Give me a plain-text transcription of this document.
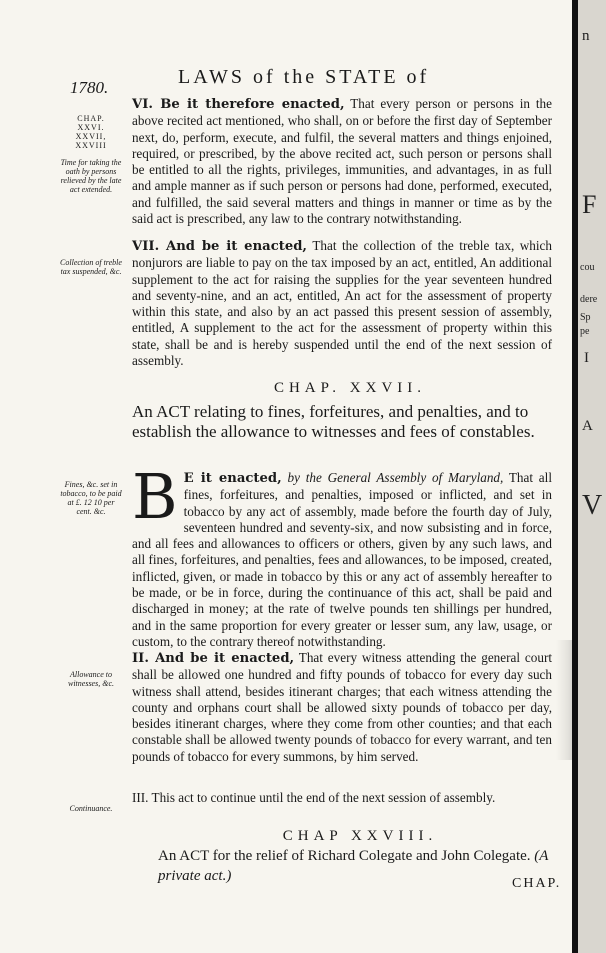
1780.	LAWS of the STATE of
CHAP.
XXVI.
XXVII,
XXVIII
Time for taking the oath by persons relieved by the late act extended.
Collection of treble tax suspended, &c.
Fines, &c. set in tobacco, to be paid at £. 12 10 per cent. &c.
Allowance to witnesses, &c.
Continuance.
VI. Be it therefore enacted, That every person or persons in the above recited act mentioned, who shall, on or before the first day of September next, do, perform, execute, and fulfil, the several matters and things enjoined, required, or prescribed, by the above recited act, such person or persons shall be entitled to all the rights, privileges, immunities, and advantages, in as full and ample manner as if such person or persons had done, performed, executed, and fulfilled, the said several matters and things in manner or time as by the said act is prescribed, any law to the contrary notwithstanding.
VII. And be it enacted, That the collection of the treble tax, which nonjurors are liable to pay on the tax imposed by an act, entitled, An additional supplement to the act for raising the supplies for the year seventeen hundred and seventy-nine, and an act, entitled, An act for the assessment of property within this state, and also by an act passed this present session of assembly, entitled, A supplement to the act for the assessment of property within this state, shall be and is hereby suspended until the end of the next session of assembly.
CHAP. XXVII.
An ACT relating to fines, forfeitures, and penalties, and to establish the allowance to witnesses and fees of constables.
B E it enacted, by the General Assembly of Maryland, That all fines, forfeitures, and penalties, imposed or inflicted, and set in tobacco by any act of assembly, made before the fourth day of July, seventeen hundred and seventy-six, and now subsisting and in force, and all fees and allowances to officers or others, given by any such laws, and all fines, forfeitures, and penalties, fees and allowances, to be imposed, created, inflicted, given, or made in tobacco by this or any act of assembly hereafter to be made, or be in force, during the continuance of this act, shall be paid and discharged in money; at the rate of twelve pounds ten shillings per hundred, and in the same proportion for every greater or lesser sum, any law, usage, or custom, to the contrary thereof notwithstanding.
II. And be it enacted, That every witness attending the general court shall be allowed one hundred and fifty pounds of tobacco for every day such witness shall attend, besides itinerant charges; that each witness attending the county and orphans court shall be allowed sixty pounds of tobacco per day, besides itinerant charges, where they come from other counties; and that each constable shall be allowed twenty pounds of tobacco for every warrant, and ten pounds of tobacco for every summons, by him served.
III. This act to continue until the end of the next session of assembly.
CHAP XXVIII.
An ACT for the relief of Richard Colegate and John Colegate. (A private act.)	CHAP.
n
F
cou
dere
Sp
pe
I
A
V
